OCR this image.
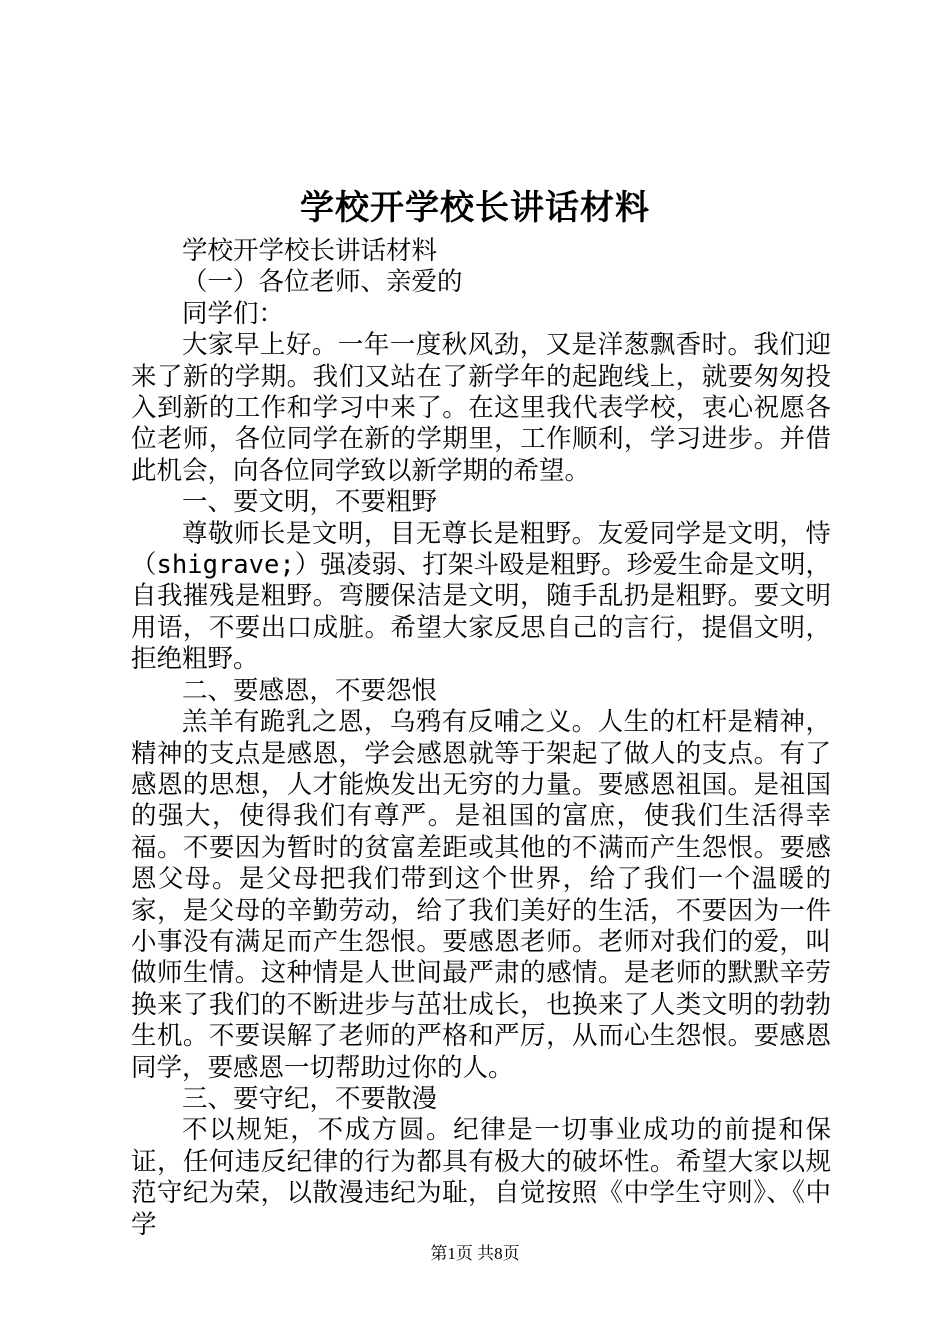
学校开学校长讲话材料

学校开学校长讲话材料

（一）各位老师、亲爱的

同学们：

大家早上好。一年一度秋风劲，又是洋葱飘香时。我们迎来了新的学期。我们又站在了新学年的起跑线上，就要匆匆投入到新的工作和学习中来了。在这里我代表学校，衷心祝愿各位老师，各位同学在新的学期里，工作顺利，学习进步。并借此机会，向各位同学致以新学期的希望。

一、要文明，不要粗野

尊敬师长是文明，目无尊长是粗野。友爱同学是文明，恃（shigrave;）强凌弱、打架斗殴是粗野。珍爱生命是文明，自我摧残是粗野。弯腰保洁是文明，随手乱扔是粗野。要文明用语，不要出口成脏。希望大家反思自己的言行，提倡文明，拒绝粗野。

二、要感恩，不要怨恨

羔羊有跪乳之恩，乌鸦有反哺之义。人生的杠杆是精神，精神的支点是感恩，学会感恩就等于架起了做人的支点。有了感恩的思想，人才能焕发出无穷的力量。要感恩祖国。是祖国的强大，使得我们有尊严。是祖国的富庶，使我们生活得幸福。不要因为暂时的贫富差距或其他的不满而产生怨恨。要感恩父母。是父母把我们带到这个世界，给了我们一个温暖的家，是父母的辛勤劳动，给了我们美好的生活，不要因为一件小事没有满足而产生怨恨。要感恩老师。老师对我们的爱，叫做师生情。这种情是人世间最严肃的感情。是老师的默默辛劳换来了我们的不断进步与茁壮成长，也换来了人类文明的勃勃生机。不要误解了老师的严格和严厉，从而心生怨恨。要感恩同学，要感恩一切帮助过你的人。

三、要守纪，不要散漫

不以规矩，不成方圆。纪律是一切事业成功的前提和保证，任何违反纪律的行为都具有极大的破坏性。希望大家以规范守纪为荣，以散漫违纪为耻，自觉按照《中学生守则》、《中学

第1页 共8页
